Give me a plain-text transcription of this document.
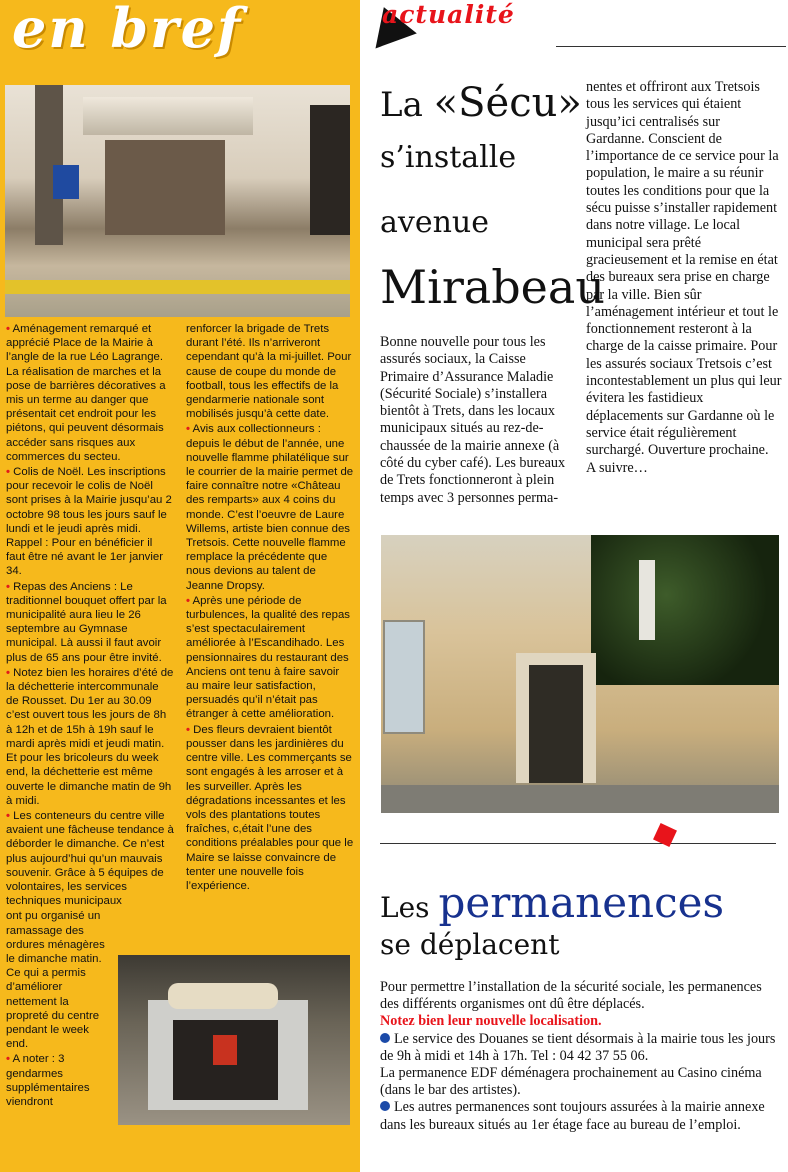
en bref

• Aménagement remarqué et apprécié Place de la Mairie à l’angle de la rue Léo Lagrange. La réalisation de marches et la pose de barrières décoratives a mis un terme au danger que présentait cet endroit pour les piétons, qui peuvent désormais accéder sans risques aux commerces du secteu.

• Colis de Noël. Les inscriptions pour recevoir le colis de Noël sont prises à la Mairie jusqu’au 2 octobre 98 tous les jours sauf le lundi et le jeudi après midi. Rappel : Pour en bénéficier il faut être né avant le 1er janvier 34.

• Repas des Anciens : Le traditionnel bouquet offert par la municipalité aura lieu le 26 septembre au Gymnase municipal. Là aussi il faut avoir plus de 65 ans pour être invité.

• Notez bien les horaires d’été de la déchetterie intercommunale de Rousset. Du 1er au 30.09 c’est ouvert tous les jours de 8h à 12h et de 15h à 19h sauf le mardi après midi et jeudi matin. Et pour les bricoleurs du week end, la déchetterie est même ouverte le dimanche matin de 9h à midi.

• Les conteneurs du centre ville avaient une fâcheuse tendance à déborder le dimanche. Ce n’est plus aujourd’hui qu’un mauvais souvenir. Grâce à 5 équipes de volontaires, les services techniques municipaux

ont pu organisé un ramassage des ordures ménagères le dimanche matin. Ce qui a permis d’améliorer nettement la propreté du centre pendant le week end.

• A noter : 3 gendarmes supplémentaires viendront

renforcer la brigade de Trets durant l’été. Ils n’arriveront cependant qu’à la mi-juillet. Pour cause de coupe du monde de football, tous les effectifs de la gendarmerie nationale sont mobilisés jusqu’à cette date.

• Avis aux collectionneurs : depuis le début de l’année, une nouvelle flamme philatélique sur le courrier de la mairie permet de faire connaître notre «Château des remparts» aux 4 coins du monde. C’est l’oeuvre de Laure Willems, artiste bien connue des Tretsois. Cette nouvelle flamme remplace la précédente que nous devions au talent de Jeanne Dropsy.

• Après une période de turbulences, la qualité des repas s’est spectaculairement améliorée à l’Escandihado. Les pensionnaires du restaurant des Anciens ont tenu à faire savoir au maire leur satisfaction, persuadés qu’il n’était pas étranger à cette amélioration.

• Des fleurs devraient bientôt pousser dans les jardinières du centre ville. Les commerçants se sont engagés à les arroser et à les surveiller. Après les dégradations incessantes et les vols des plantations toutes fraîches, c,était l’une des conditions préalables pour que le Maire se laisse convaincre de tenter une nouvelle fois l’expérience.

actualité
La «Sécu»
s’installe
avenue
Mirabeau
Bonne nouvelle pour tous les assurés sociaux, la Caisse Primaire d’Assurance Maladie (Sécurité Sociale) s’installera bientôt à Trets, dans les locaux municipaux situés au rez-de-chaussée de la mairie annexe (à côté du cyber café). Les bureaux de Trets fonctionneront à plein temps avec 3 personnes perma-
nentes et offriront aux Tretsois tous les services qui étaient jusqu’ici centralisés sur Gardanne. Conscient de l’importance de ce service pour la population, le maire a su réunir toutes les conditions pour que la sécu puisse s’installer rapidement dans notre village. Le local municipal sera prêté gracieusement et la remise en état des bureaux sera prise en charge par la ville. Bien sûr l’aménagement intérieur et tout le fonctionnement resteront à la charge de la caisse primaire. Pour les assurés sociaux Tretsois c’est incontestablement un plus qui leur évitera les fastidieux déplacements sur Gardanne où le service était régulièrement surchargé. Ouverture prochaine.
A suivre…
Les permanences
se déplacent

Pour permettre l’installation de la sécurité sociale, les permanences des différents organismes ont dû être déplacés.

Notez bien leur nouvelle localisation.

Le service des Douanes se tient désormais à la mairie tous les jours de 9h à midi et 14h à 17h. Tel : 04 42 37 55 06.

La permanence EDF déménagera prochainement au Casino cinéma (dans le bar des artistes).

Les autres permanences sont toujours assurées à la mairie annexe dans les bureaux situés au 1er étage face au bureau de l’emploi.
